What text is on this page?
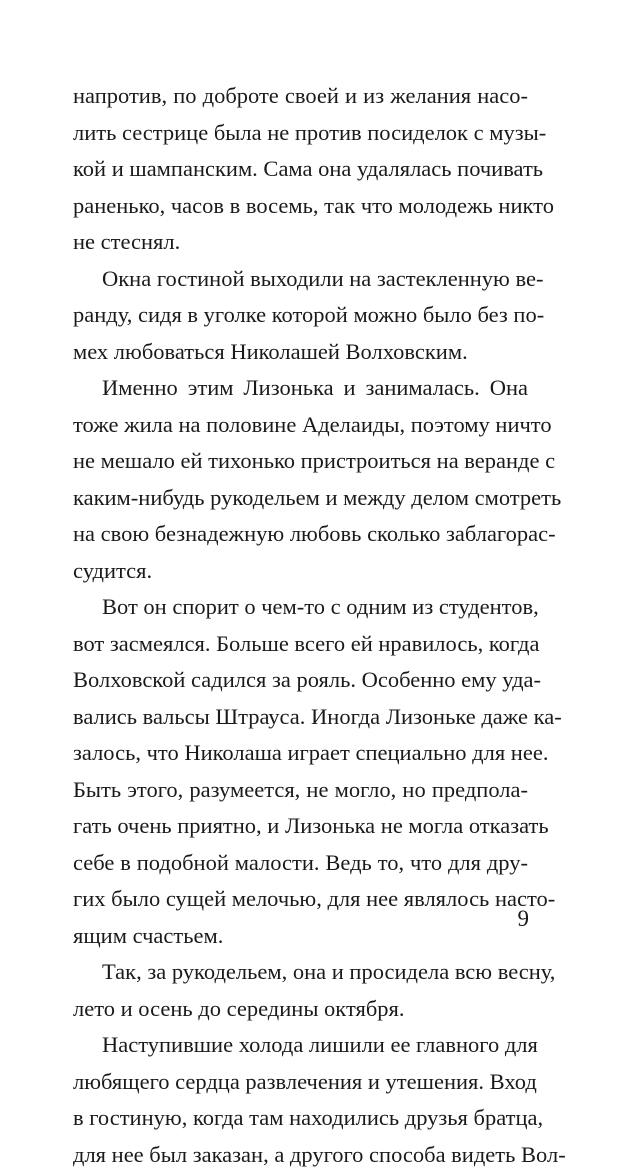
напротив, по доброте своей и из желания насо-
лить сестрице была не против посиделок с музы-
кой и шампанским. Сама она удалялась почивать
раненько, часов в восемь, так что молодежь никто
не стеснял.
Окна гостиной выходили на застекленную ве-
ранду, сидя в уголке которой можно было без по-
мех любоваться Николашей Волховским.
Именно этим Лизонька и занималась. Она
тоже жила на половине Аделаиды, поэтому ничто
не мешало ей тихонько пристроиться на веранде с
каким-нибудь рукодельем и между делом смотреть
на свою безнадежную любовь сколько заблагорас-
судится.
Вот он спорит о чем-то с одним из студентов,
вот засмеялся. Больше всего ей нравилось, когда
Волховской садился за рояль. Особенно ему уда-
вались вальсы Штрауса. Иногда Лизоньке даже ка-
залось, что Николаша играет специально для нее.
Быть этого, разумеется, не могло, но предпола-
гать очень приятно, и Лизонька не могла отказать
себе в подобной малости. Ведь то, что для дру-
гих было сущей мелочью, для нее являлось насто-
ящим счастьем.
Так, за рукодельем, она и просидела всю весну,
лето и осень до середины октября.
Наступившие холода лишили ее главного для
любящего сердца развлечения и утешения. Вход
в гостиную, когда там находились друзья братца,
для нее был заказан, а другого способа видеть Вол-
9
